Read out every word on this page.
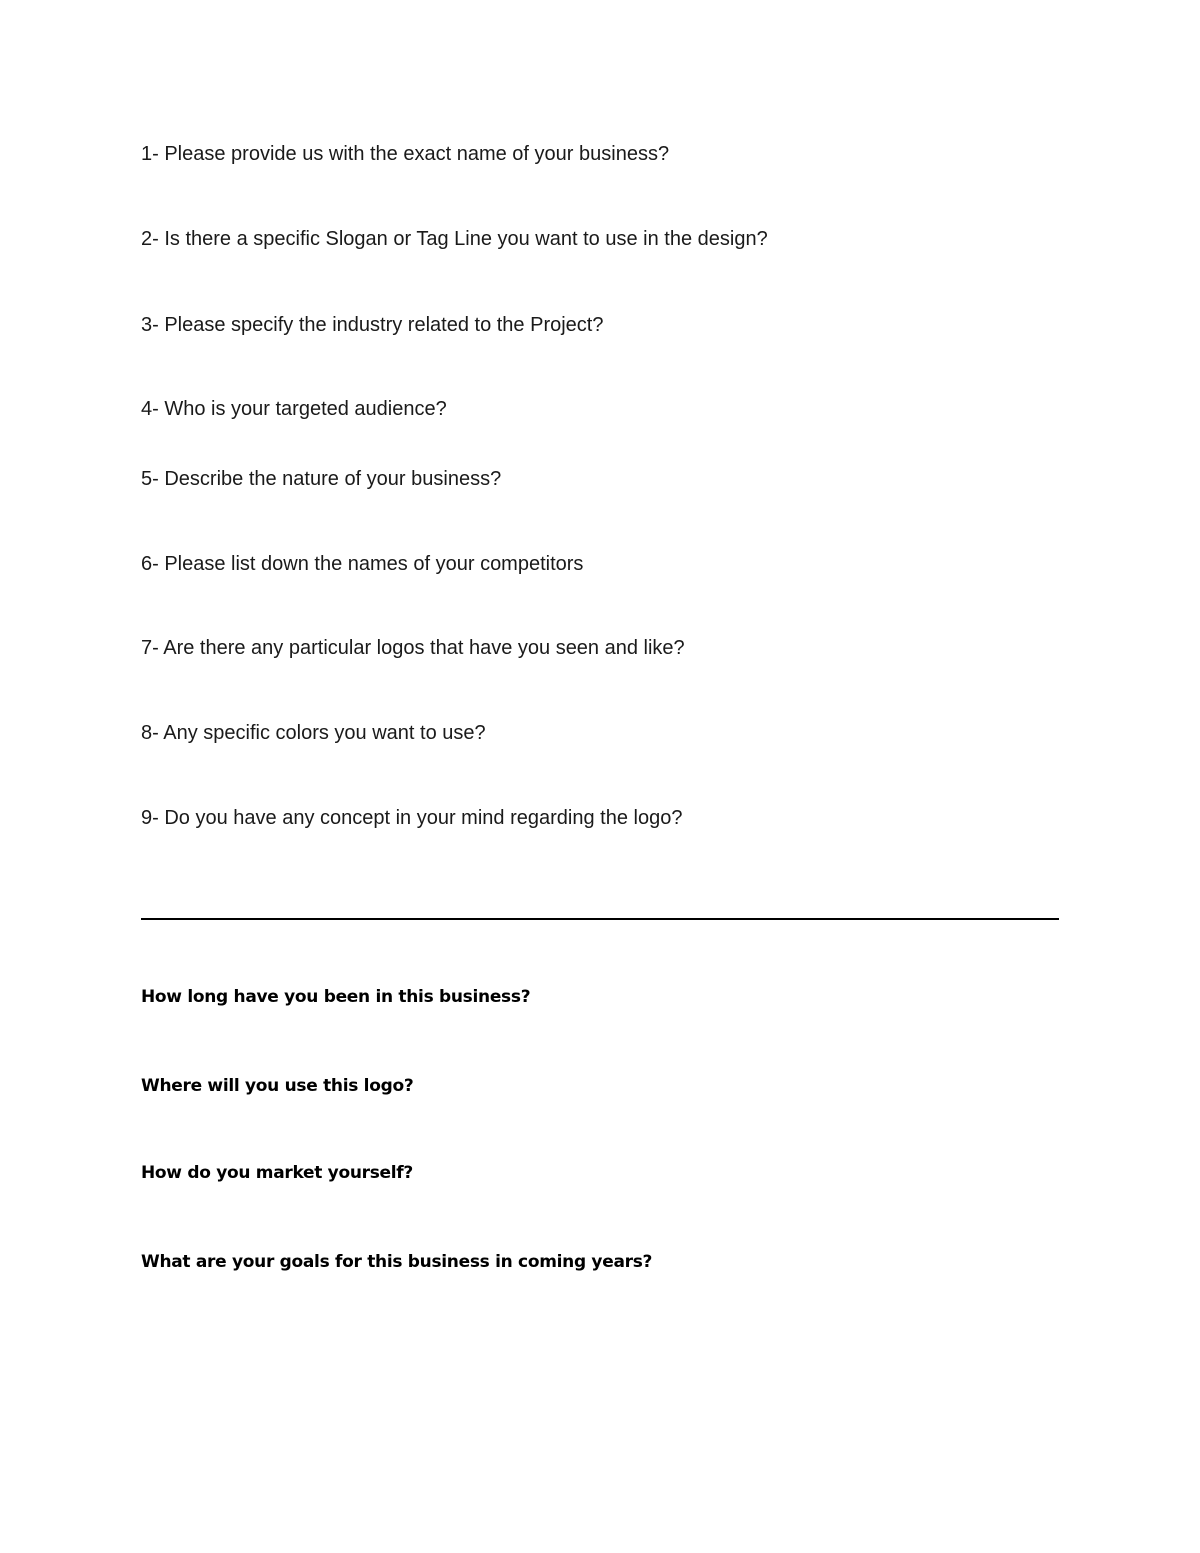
1- Please provide us with the exact name of your business?

2- Is there a specific Slogan or Tag Line you want to use in the design?

3- Please specify the industry related to the Project?

4- Who is your targeted audience?

5- Describe the nature of your business?

6- Please list down the names of your competitors

7- Are there any particular logos that have you seen and like?

8- Any specific colors you want to use?

9- Do you have any concept in your mind regarding the logo?

How long have you been in this business?

Where will you use this logo?

How do you market yourself?

What are your goals for this business in coming years?
